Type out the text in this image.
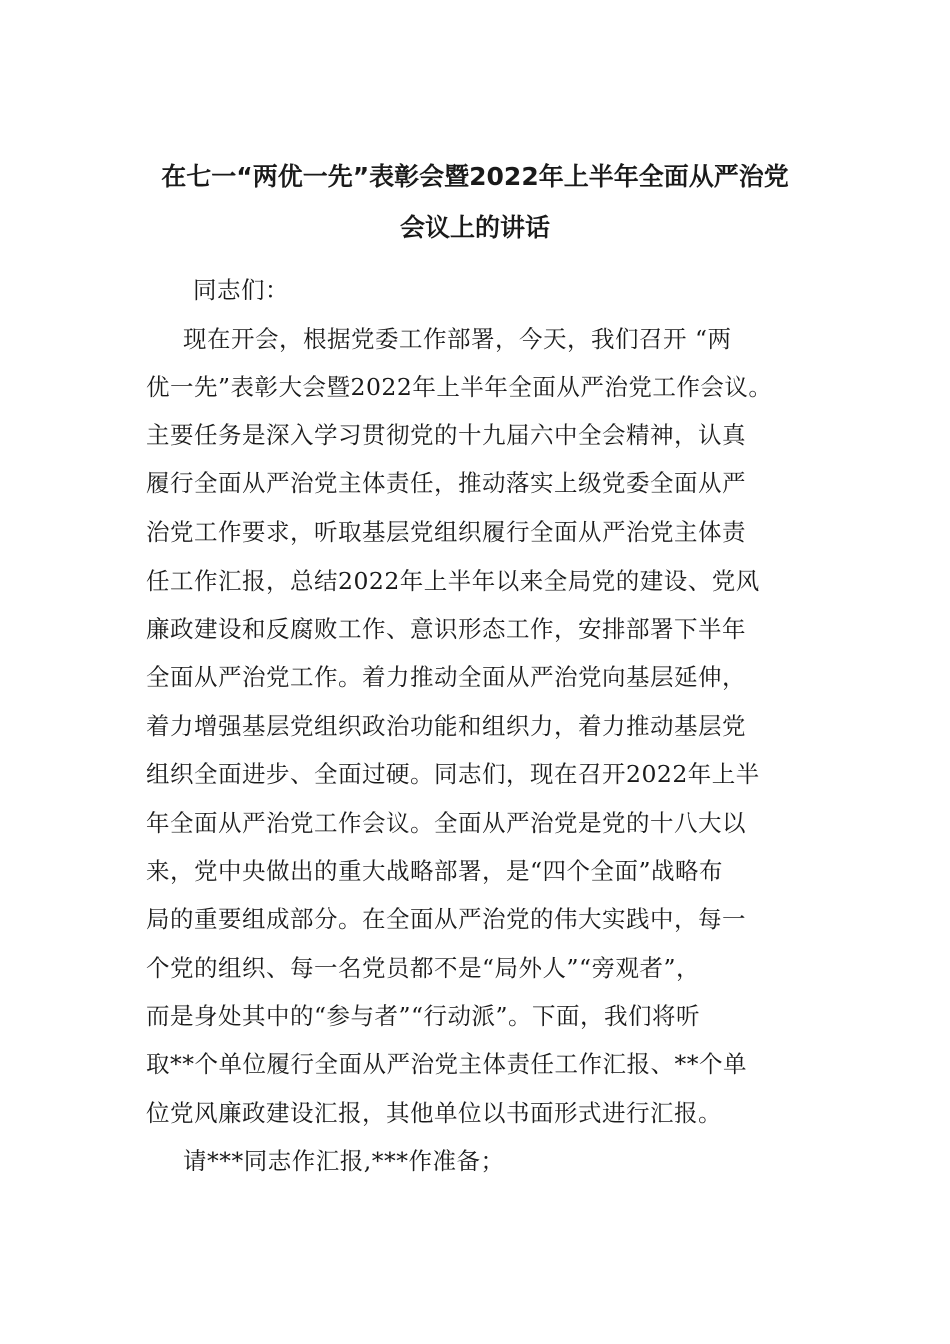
在七一“两优一先”表彰会暨2022年上半年全面从严治党
会议上的讲话
同志们：
现在开会，根据党委工作部署，今天，我们召开 “两
优一先”表彰大会暨2022年上半年全面从严治党工作会议。
主要任务是深入学习贯彻党的十九届六中全会精神，认真
履行全面从严治党主体责任，推动落实上级党委全面从严
治党工作要求，听取基层党组织履行全面从严治党主体责
任工作汇报，总结2022年上半年以来全局党的建设、党风
廉政建设和反腐败工作、意识形态工作，安排部署下半年
全面从严治党工作。着力推动全面从严治党向基层延伸，
着力增强基层党组织政治功能和组织力，着力推动基层党
组织全面进步、全面过硬。同志们，现在召开2022年上半
年全面从严治党工作会议。全面从严治党是党的十八大以
来，党中央做出的重大战略部署，是“四个全面”战略布
局的重要组成部分。在全面从严治党的伟大实践中，每一
个党的组织、每一名党员都不是“局外人”“旁观者”，
而是身处其中的“参与者”“行动派”。下面，我们将听
取**个单位履行全面从严治党主体责任工作汇报、**个单
位党风廉政建设汇报，其他单位以书面形式进行汇报。
请***同志作汇报,***作准备；
